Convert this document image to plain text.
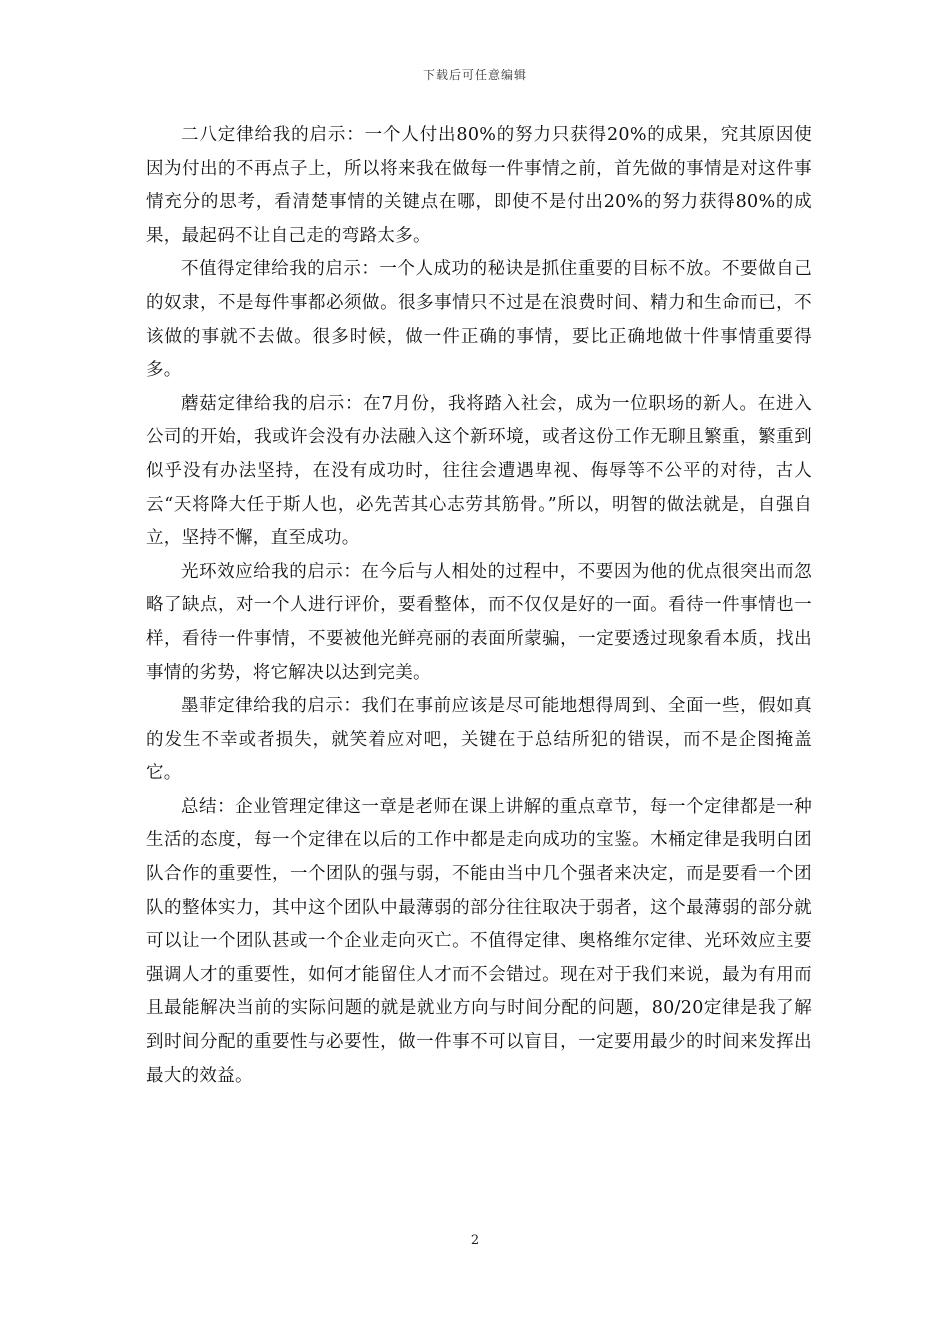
下载后可任意编辑

二八定律给我的启示：一个人付出80%的努力只获得20%的成果，究其原因使因为付出的不再点子上，所以将来我在做每一件事情之前，首先做的事情是对这件事情充分的思考，看清楚事情的关键点在哪，即使不是付出20%的努力获得80%的成果，最起码不让自己走的弯路太多。

不值得定律给我的启示：一个人成功的秘诀是抓住重要的目标不放。不要做自己的奴隶，不是每件事都必须做。很多事情只不过是在浪费时间、精力和生命而已，不该做的事就不去做。很多时候，做一件正确的事情，要比正确地做十件事情重要得多。

蘑菇定律给我的启示：在7月份，我将踏入社会，成为一位职场的新人。在进入公司的开始，我或许会没有办法融入这个新环境，或者这份工作无聊且繁重，繁重到似乎没有办法坚持，在没有成功时，往往会遭遇卑视、侮辱等不公平的对待，古人云“天将降大任于斯人也，必先苦其心志劳其筋骨。”所以，明智的做法就是，自强自立，坚持不懈，直至成功。

光环效应给我的启示：在今后与人相处的过程中，不要因为他的优点很突出而忽略了缺点，对一个人进行评价，要看整体，而不仅仅是好的一面。看待一件事情也一样，看待一件事情，不要被他光鲜亮丽的表面所蒙骗，一定要透过现象看本质，找出事情的劣势，将它解决以达到完美。

墨菲定律给我的启示：我们在事前应该是尽可能地想得周到、全面一些，假如真的发生不幸或者损失，就笑着应对吧，关键在于总结所犯的错误，而不是企图掩盖它。

总结：企业管理定律这一章是老师在课上讲解的重点章节，每一个定律都是一种生活的态度，每一个定律在以后的工作中都是走向成功的宝鉴。木桶定律是我明白团队合作的重要性，一个团队的强与弱，不能由当中几个强者来决定，而是要看一个团队的整体实力，其中这个团队中最薄弱的部分往往取决于弱者，这个最薄弱的部分就可以让一个团队甚或一个企业走向灭亡。不值得定律、奥格维尔定律、光环效应主要强调人才的重要性，如何才能留住人才而不会错过。现在对于我们来说，最为有用而且最能解决当前的实际问题的就是就业方向与时间分配的问题，80/20定律是我了解到时间分配的重要性与必要性，做一件事不可以盲目，一定要用最少的时间来发挥出最大的效益。

2
